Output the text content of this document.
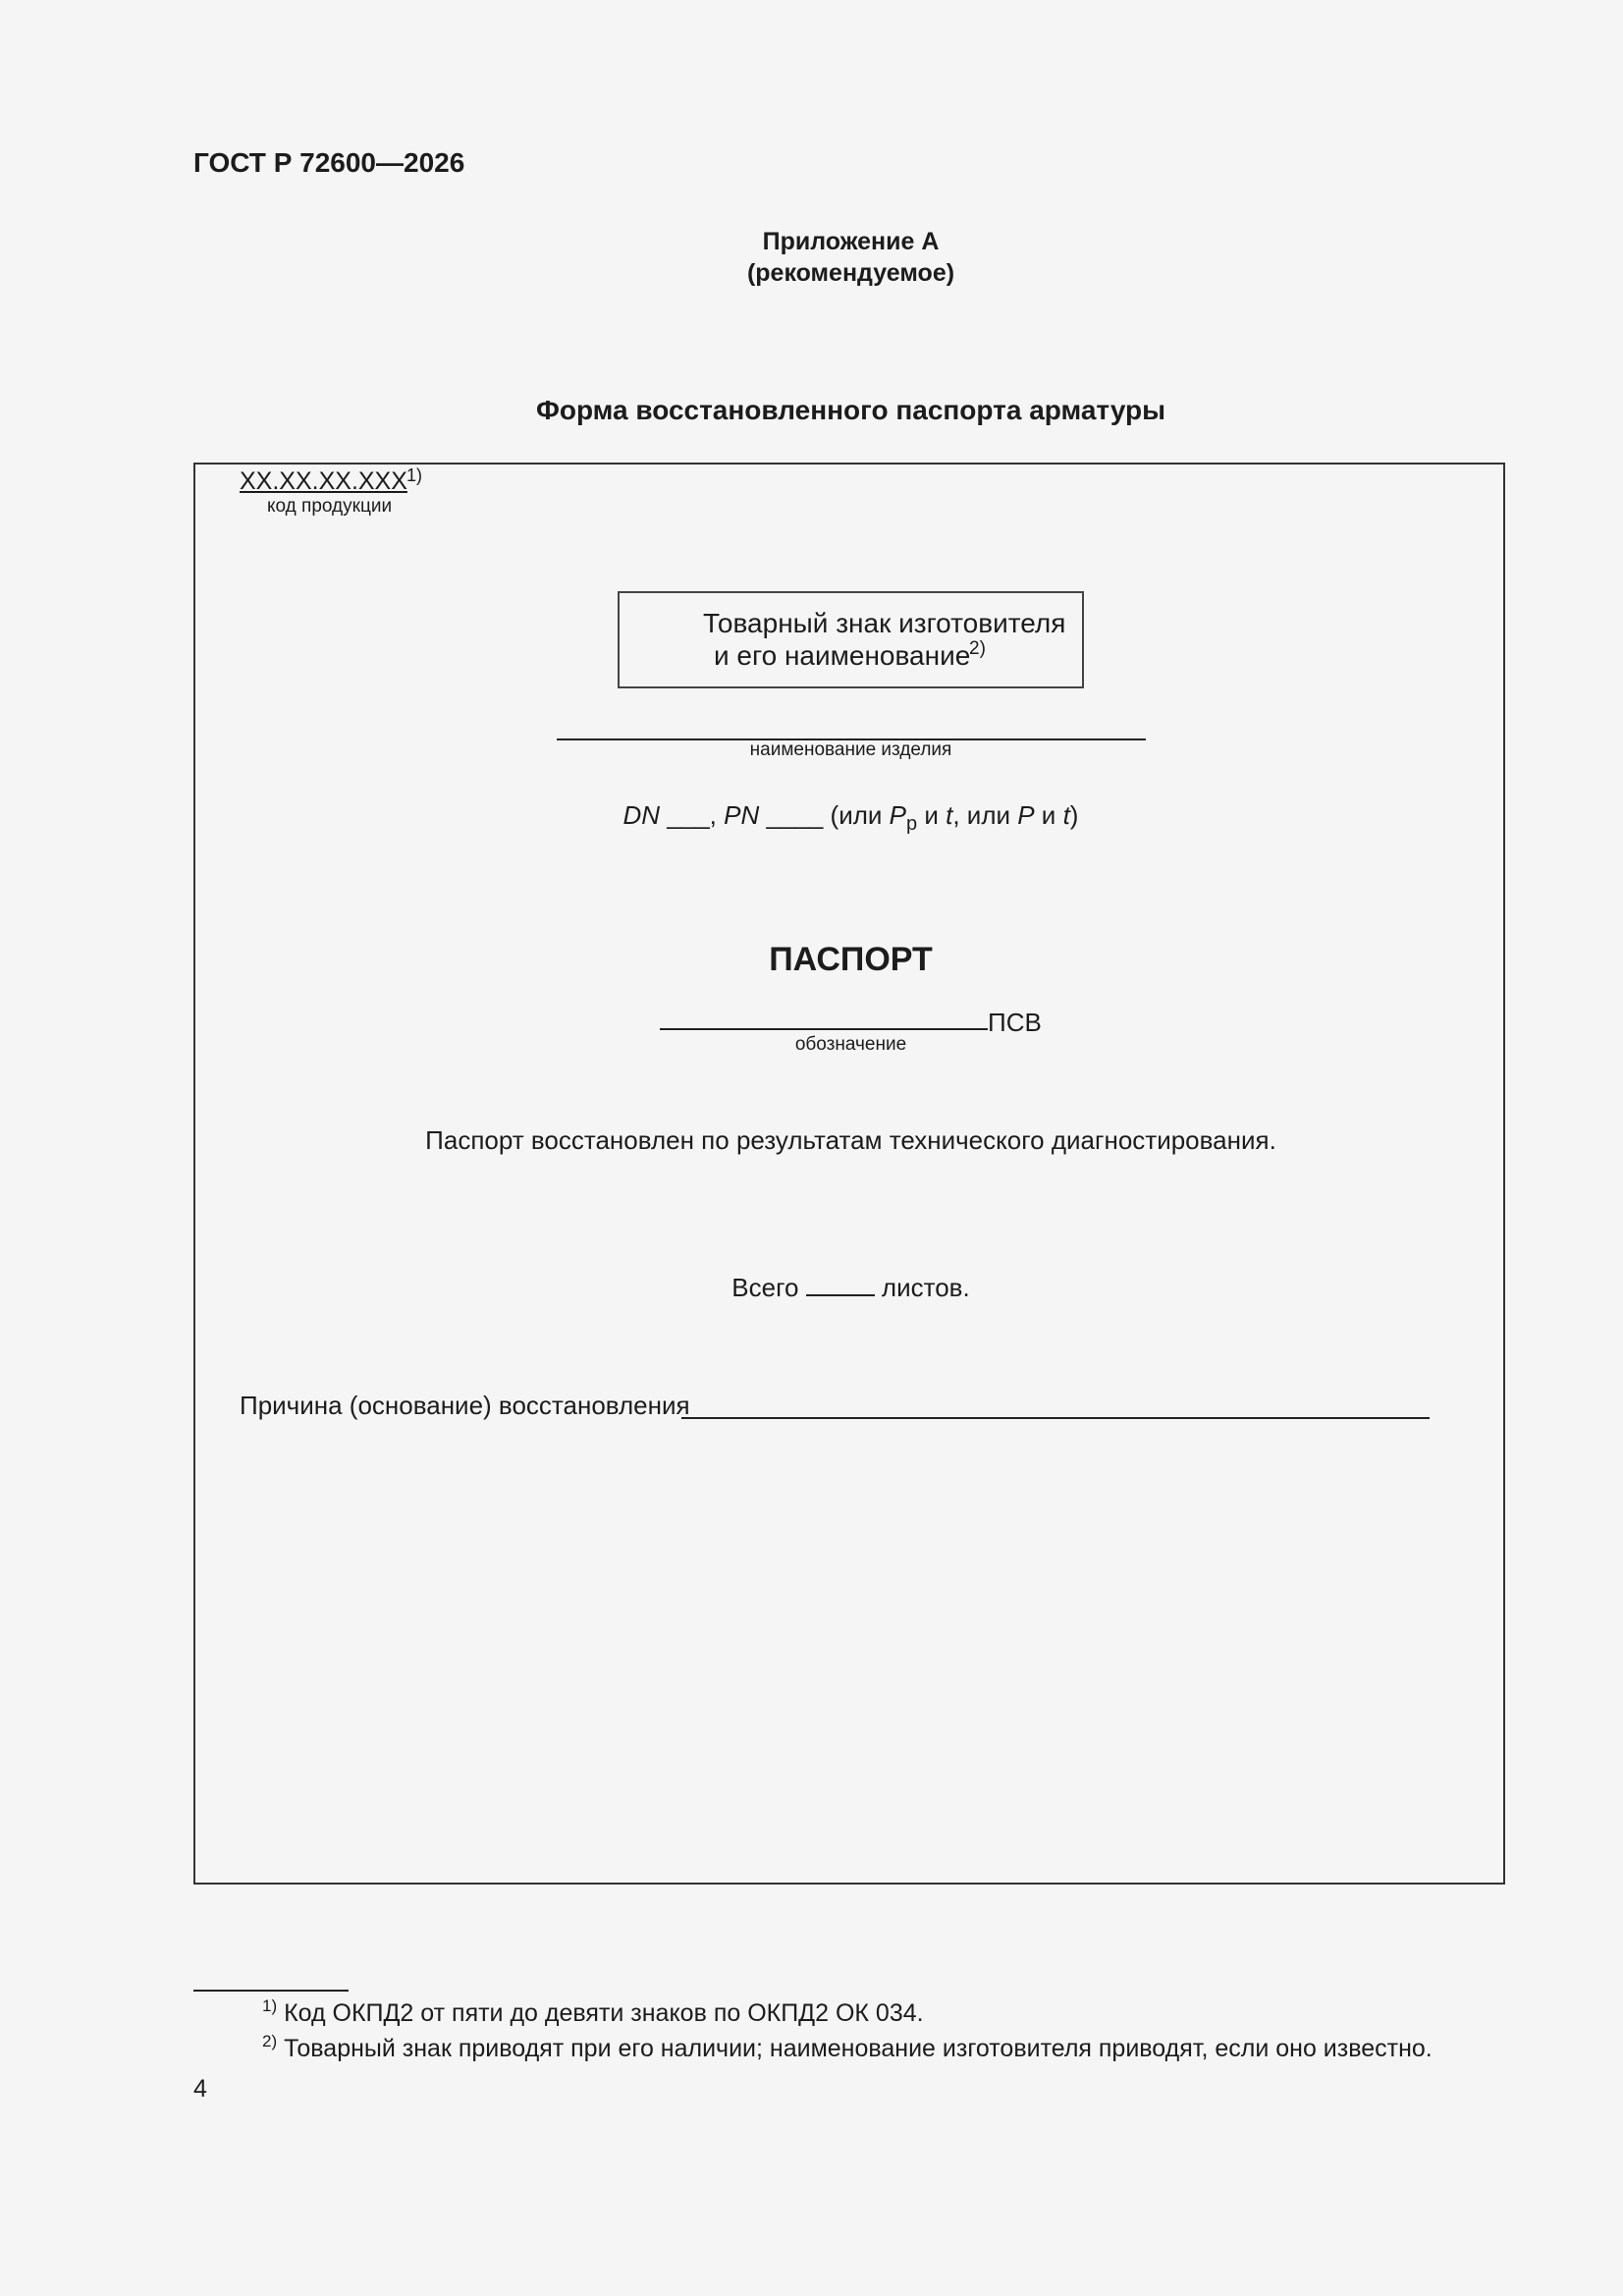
ГОСТ Р 72600—2026
Приложение А
(рекомендуемое)
Форма восстановленного паспорта арматуры
XX.XX.XX.XXX 1)
код продукции
Товарный знак изготовителя
и его наименование
2)
наименование изделия
DN ___, PN ____ (или $P_р$ и t, или P и t)
ПАСПОРТ
ПСВ
обозначение
Паспорт восстановлен по результатам технического диагностирования.
Всего	листов.
Причина (основание) восстановления
$^{1)}$ Код ОКПД2 от пяти до девяти знаков по ОКПД2 ОК 034.
$^{2)}$ Товарный знак приводят при его наличии; наименование изготовителя приводят, если оно известно.
4
